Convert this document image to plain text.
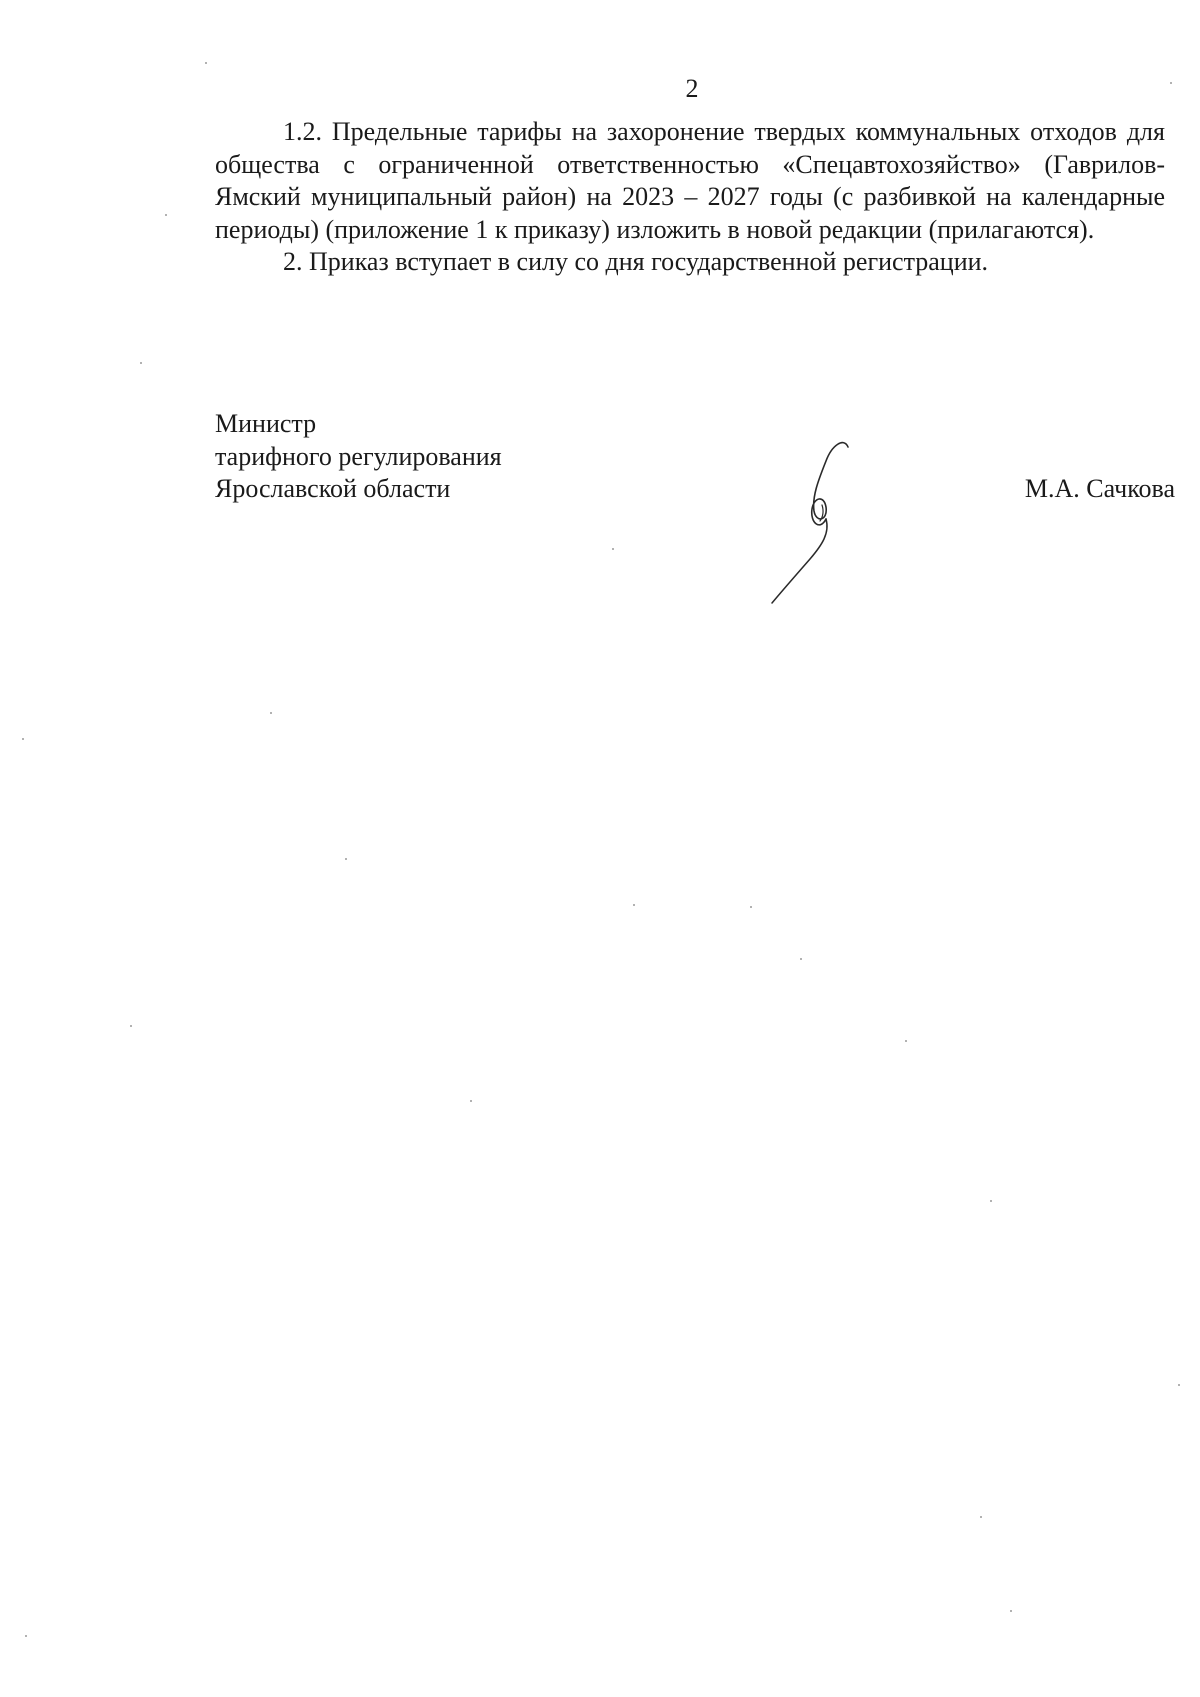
2

1.2. Предельные тарифы на захоронение твердых коммунальных отходов для общества с ограниченной ответственностью «Спецавтохозяйство» (Гаврилов-Ямский муниципальный район) на 2023 – 2027 годы (с разбивкой на календарные периоды) (приложение 1 к приказу) изложить в новой редакции (прилагаются).

2. Приказ вступает в силу со дня государственной регистрации.

Министр
тарифного регулирования
Ярославской области	М.А. Сачкова
